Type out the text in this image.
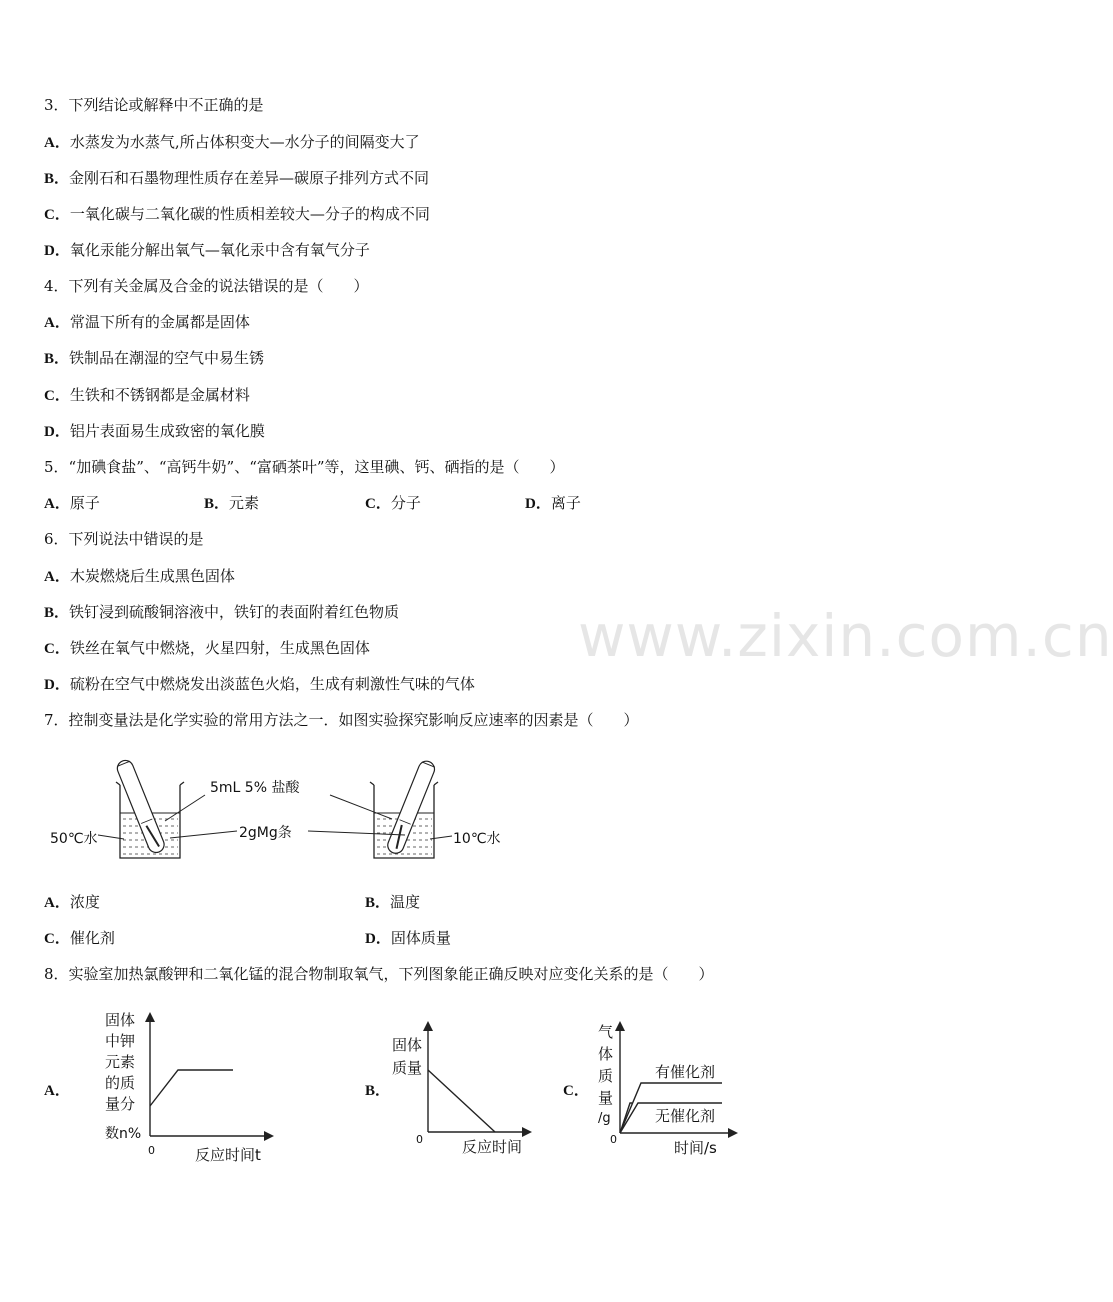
www.zixin.com.cn
3．下列结论或解释中不正确的是
A．水蒸发为水蒸气,所占体积变大—水分子的间隔变大了
B．金刚石和石墨物理性质存在差异—碳原子排列方式不同
C．一氧化碳与二氧化碳的性质相差较大—分子的构成不同
D．氧化汞能分解出氧气—氧化汞中含有氧气分子
4．下列有关金属及合金的说法错误的是（　　）
A．常温下所有的金属都是固体
B．铁制品在潮湿的空气中易生锈
C．生铁和不锈钢都是金属材料
D．铝片表面易生成致密的氧化膜
5．“加碘食盐”、“高钙牛奶”、“富硒茶叶”等，这里碘、钙、硒指的是（　　）
A．原子	B．元素	C．分子	D．离子
6．下列说法中错误的是
A．木炭燃烧后生成黑色固体
B．铁钉浸到硫酸铜溶液中，铁钉的表面附着红色物质
C．铁丝在氧气中燃烧，火星四射，生成黑色固体
D．硫粉在空气中燃烧发出淡蓝色火焰，生成有刺激性气味的气体
7．控制变量法是化学实验的常用方法之一．如图实验探究影响反应速率的因素是（　　）
5mL 5% 盐酸
2gMg条
50℃水	10℃水
A．浓度	B．温度
C．催化剂	D．固体质量
8．实验室加热氯酸钾和二氧化锰的混合物制取氧气，下列图象能正确反映对应变化关系的是（　　）
A．
固体
中钾
元素
的质
量分
数n%
0	反应时间t
B．
固体
质量
0	反应时间
C．
气
体
质
量
/g
0	时间/s
有催化剂
无催化剂
